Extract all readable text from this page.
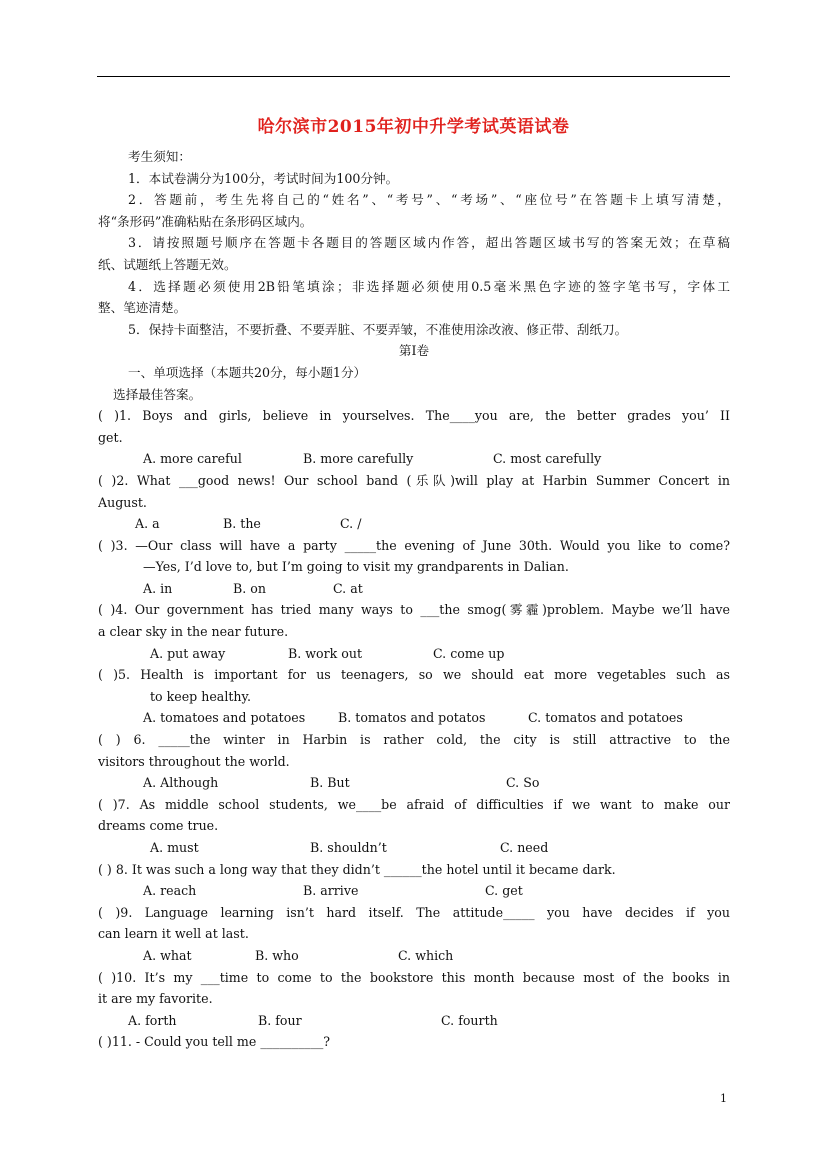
哈尔滨市2015年初中升学考试英语试卷
考生须知：
1．本试卷满分为100分，考试时间为100分钟。
2．答题前，考生先将自己的“姓名”、“考号”、“考场”、“座位号”在答题卡上填写清楚，
将“条形码”准确粘贴在条形码区域内。
3．请按照题号顺序在答题卡各题目的答题区域内作答，超出答题区域书写的答案无效；在草稿
纸、试题纸上答题无效。
4．选择题必须使用2B铅笔填涂；非选择题必须使用0.5毫米黑色字迹的签字笔书写，字体工
整、笔迹清楚。
5．保持卡面整洁，不要折叠、不要弄脏、不要弄皱，不准使用涂改液、修正带、刮纸刀。
第Ⅰ卷
一、单项选择（本题共20分，每小题1分）
选择最佳答案。
( )1. Boys and girls, believe in yourselves. The____you are, the better grades you’ II
get.
A. more careful	B. more carefully	C. most carefully
( )2. What ___good news! Our school band (乐队)will play at Harbin Summer Concert in
August.
A. a	B. the	C. /
( )3. —Our class will have a party _____the evening of June 30th. Would you like to come?
—Yes, I’d love to, but I’m going to visit my grandparents in Dalian.
A. in	B. on	C. at
( )4. Our government has tried many ways to ___the smog(雾霾)problem. Maybe we’ll have
a clear sky in the near future.
A. put away	B. work out	C. come up
( )5. Health is important for us teenagers, so we should eat more vegetables such as
to keep healthy.
A. tomatoes and potatoes	B. tomatos and potatos	C. tomatos and potatoes
( ) 6. _____the winter in Harbin is rather cold, the city is still attractive to the
visitors throughout the world.
A. Although	B. But	C. So
( )7. As middle school students, we____be afraid of difficulties if we want to make our
dreams come true.
A. must	B. shouldn’t	C. need
( ) 8. It was such a long way that they didn’t ______the hotel until it became dark.
A. reach	B. arrive	C. get
( )9. Language learning isn’t hard itself. The attitude_____ you have decides if you
can learn it well at last.
A. what	B. who	C. which
( )10. It’s my ___time to come to the bookstore this month because most of the books in
it are my favorite.
A. forth	B. four	C. fourth
( )11. - Could you tell me __________?
1
